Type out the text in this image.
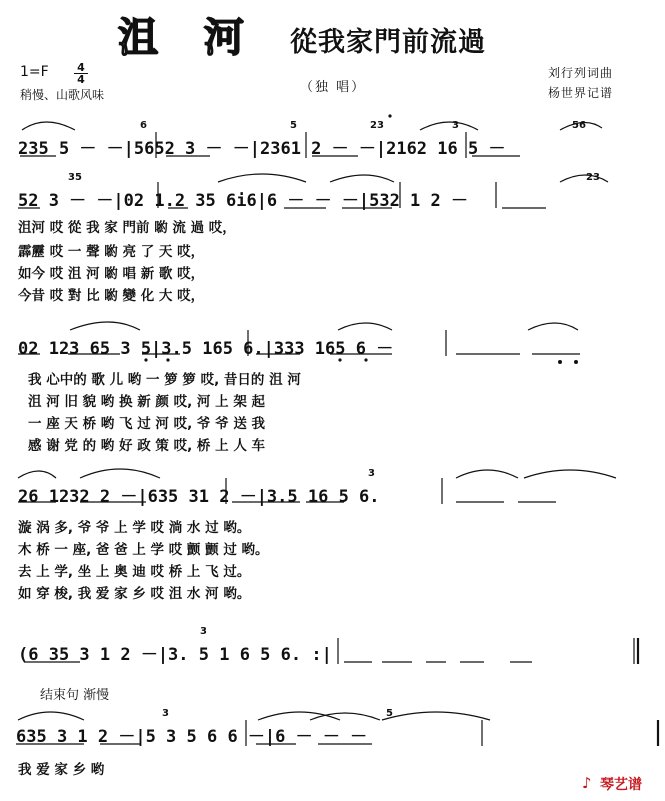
沮 河 從我家門前流過
1=F	4
4
稍慢、山歌风味	（独 唱）
刘行列词曲
杨世界记谱
235 5 － －|5652 3 － －|2361 2 － －|2162 16 5 －
6	5	23	3	56
52 3 － －|02 1.2 35 6i6|6 － － －|532 1 2 －
35	23
沮河 哎 從 我 家 門前 喲 流 過 哎，
霹靂 哎 一 聲 喲 亮 了 天 哎，
如今 哎 沮 河 喲 唱 新 歌 哎，
今昔 哎 對 比 喲 變 化 大 哎，
02 123 65 3 5|3.5 165 6.|333 165 6 －
我 心中的 歌 儿 哟 一 箩 箩 哎, 昔日的 沮 河
沮 河 旧 貌 哟 换 新 颜 哎, 河 上 架 起
一 座 天 桥 哟 飞 过 河 哎, 爷 爷 送 我
感 谢 党 的 哟 好 政 策 哎, 桥 上 人 车
26 1232 2 －|635 31 2 －|3.5 16 5 6.
3
漩 涡 多, 爷 爷 上 学 哎 淌 水 过 哟。
木 桥 一 座, 爸 爸 上 学 哎 颤 颤 过 哟。
去 上 学, 坐 上 奥 迪 哎 桥 上 飞 过。
如 穿 梭, 我 爱 家 乡 哎 沮 水 河 哟。
(6 35 3 1 2 －|3. 5 1 6 5 6. :|
3
结束句 渐慢
635 3 1 2 －|5 3 5 6 6 －|6 － － －
3	5
我 爱 家 乡 哟
♪ 琴艺谱
